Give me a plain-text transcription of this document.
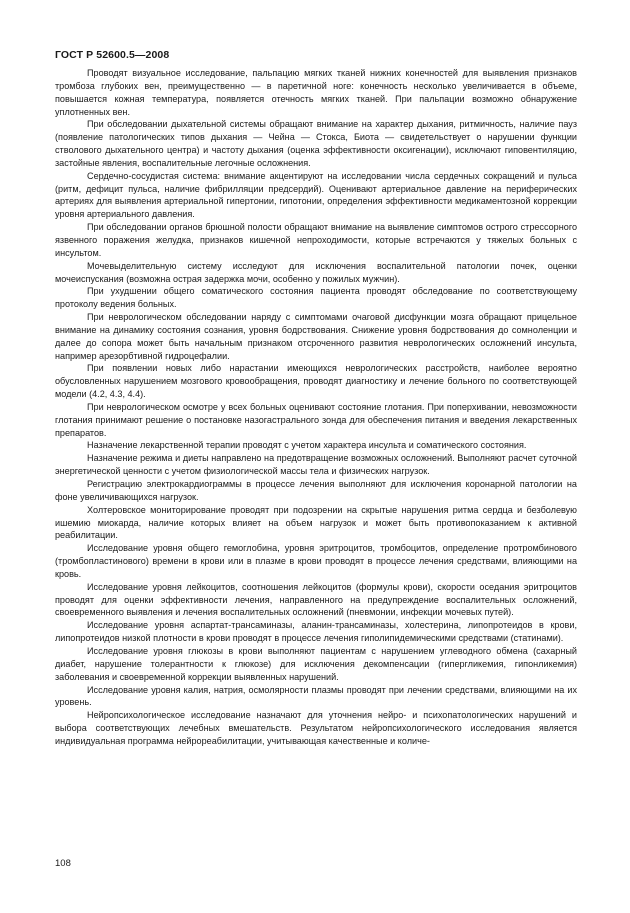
ГОСТ Р 52600.5—2008

Проводят визуальное исследование, пальпацию мягких тканей нижних конечностей для выявления признаков тромбоза глубоких вен, преимущественно — в паретичной ноге: конечность несколько увеличивается в объеме, повышается кожная температура, появляется отечность мягких тканей. При пальпации возможно обнаружение уплотненных вен.

При обследовании дыхательной системы обращают внимание на характер дыхания, ритмичность, наличие пауз (появление патологических типов дыхания — Чейна — Стокса, Биота — свидетельствует о нарушении функции стволового дыхательного центра) и частоту дыхания (оценка эффективности оксигенации), исключают гиповентиляцию, застойные явления, воспалительные легочные осложнения.

Сердечно-сосудистая система: внимание акцентируют на исследовании числа сердечных сокращений и пульса (ритм, дефицит пульса, наличие фибрилляции предсердий). Оценивают артериальное давление на периферических артериях для выявления артериальной гипертонии, гипотонии, определения эффективности медикаментозной коррекции уровня артериального давления.

При обследовании органов брюшной полости обращают внимание на выявление симптомов острого стрессорного язвенного поражения желудка, признаков кишечной непроходимости, которые встречаются у тяжелых больных с инсультом.

Мочевыделительную систему исследуют для исключения воспалительной патологии почек, оценки мочеиспускания (возможна острая задержка мочи, особенно у пожилых мужчин).

При ухудшении общего соматического состояния пациента проводят обследование по соответствующему протоколу ведения больных.

При неврологическом обследовании наряду с симптомами очаговой дисфункции мозга обращают прицельное внимание на динамику состояния сознания, уровня бодрствования. Снижение уровня бодрствования до сомноленции и далее до сопора может быть начальным признаком отсроченного развития неврологических осложнений инсульта, например арезорбтивной гидроцефалии.

При появлении новых либо нарастании имеющихся неврологических расстройств, наиболее вероятно обусловленных нарушением мозгового кровообращения, проводят диагностику и лечение больного по соответствующей модели (4.2, 4.3, 4.4).

При неврологическом осмотре у всех больных оценивают состояние глотания. При поперхивании, невозможности глотания принимают решение о постановке назогастрального зонда для обеспечения питания и введения лекарственных препаратов.

Назначение лекарственной терапии проводят с учетом характера инсульта и соматического состояния.

Назначение режима и диеты направлено на предотвращение возможных осложнений. Выполняют расчет суточной энергетической ценности с учетом физиологической массы тела и физических нагрузок.

Регистрацию электрокардиограммы в процессе лечения выполняют для исключения коронарной патологии на фоне увеличивающихся нагрузок.

Холтеровское мониторирование проводят при подозрении на скрытые нарушения ритма сердца и безболевую ишемию миокарда, наличие которых влияет на объем нагрузок и может быть противопоказанием к активной реабилитации.

Исследование уровня общего гемоглобина, уровня эритроцитов, тромбоцитов, определение протромбинового (тромбопластинового) времени в крови или в плазме в крови проводят в процессе лечения средствами, влияющими на кровь.

Исследование уровня лейкоцитов, соотношения лейкоцитов (формулы крови), скорости оседания эритроцитов проводят для оценки эффективности лечения, направленного на предупреждение воспалительных осложнений, своевременного выявления и лечения воспалительных осложнений (пневмонии, инфекции мочевых путей).

Исследование уровня аспартат-трансаминазы, аланин-трансаминазы, холестерина, липопротеидов в крови, липопротеидов низкой плотности в крови проводят в процессе лечения гиполипидемическими средствами (статинами).

Исследование уровня глюкозы в крови выполняют пациентам с нарушением углеводного обмена (сахарный диабет, нарушение толерантности к глюкозе) для исключения декомпенсации (гипергликемия, гипонликемия) заболевания и своевременной коррекции выявленных нарушений.

Исследование уровня калия, натрия, осмолярности плазмы проводят при лечении средствами, влияющими на их уровень.

Нейропсихологическое исследование назначают для уточнения нейро- и психопатологических нарушений и выбора соответствующих лечебных вмешательств. Результатом нейропсихологического исследования является индивидуальная программа нейрореабилитации, учитывающая качественные и количе-

108
